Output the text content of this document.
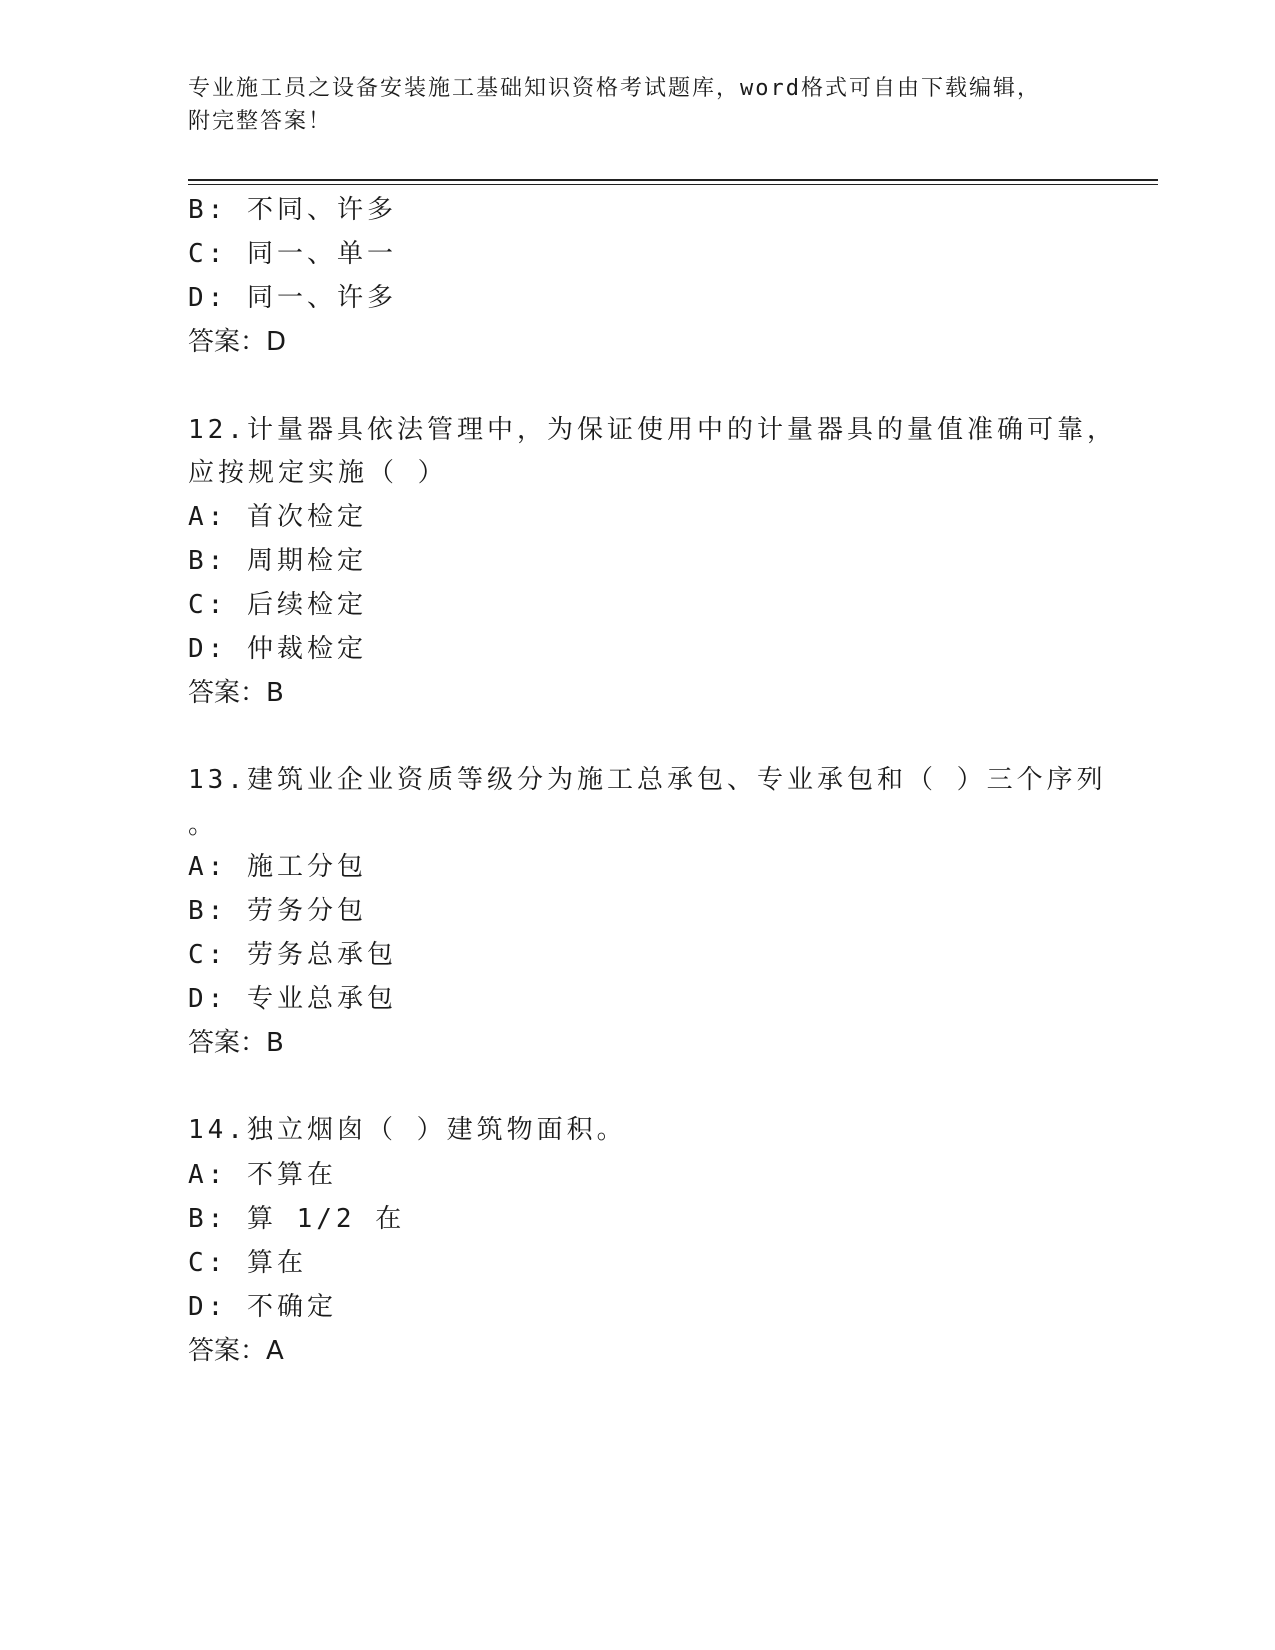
专业施工员之设备安装施工基础知识资格考试题库，word格式可自由下载编辑，
附完整答案！
B: 不同、许多
C: 同一、单一
D: 同一、许多
答案：D
12.计量器具依法管理中，为保证使用中的计量器具的量值准确可靠，
应按规定实施（ ）
A: 首次检定
B: 周期检定
C: 后续检定
D: 仲裁检定
答案：B
13.建筑业企业资质等级分为施工总承包、专业承包和（ ）三个序列
。
A: 施工分包
B: 劳务分包
C: 劳务总承包
D: 专业总承包
答案：B
14.独立烟囱（ ）建筑物面积。
A: 不算在
B: 算 1/2 在
C: 算在
D: 不确定
答案：A
